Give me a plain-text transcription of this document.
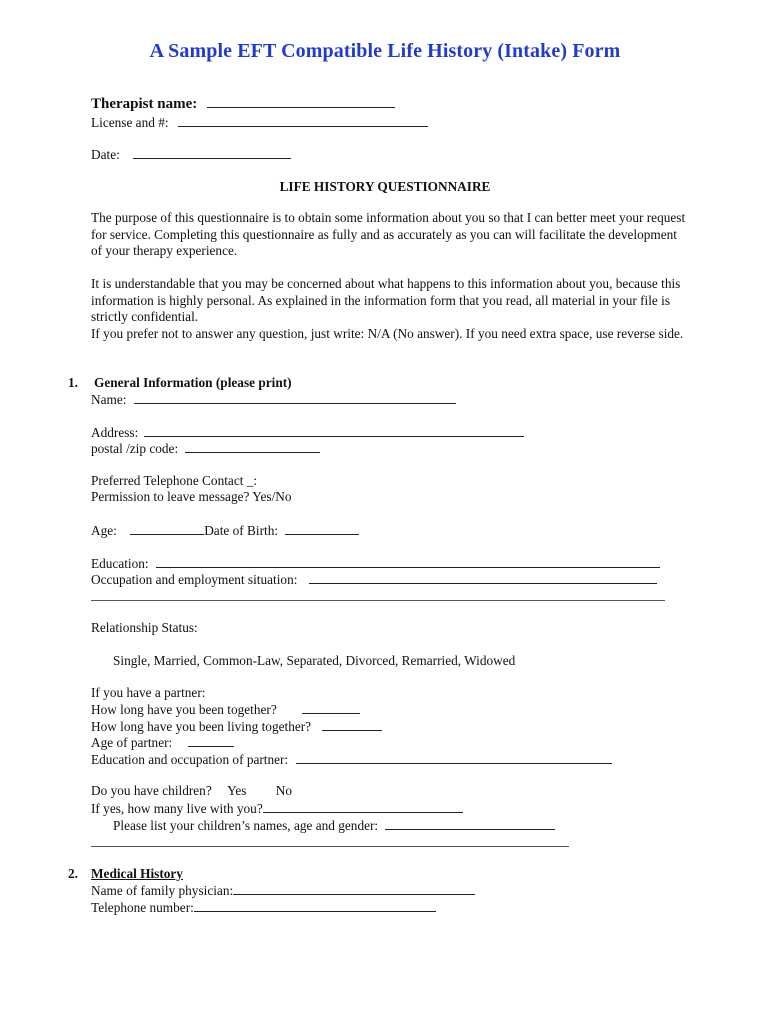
A Sample EFT Compatible Life History (Intake) Form
Therapist name:
License and #:
Date:
LIFE HISTORY QUESTIONNAIRE
The purpose of this questionnaire is to obtain some information about you so that I can better meet your request for service. Completing this questionnaire as fully and as accurately as you can will facilitate the development of your therapy experience.
It is understandable that you may be concerned about what happens to this information about you, because this information is highly personal. As explained in the information form that you read, all material in your file is strictly confidential.
If you prefer not to answer any question, just write: N/A (No answer). If you need extra space, use reverse side.
1. General Information (please print)
Name:
Address:
postal /zip code:
Preferred Telephone Contact _:
Permission to leave message? Yes/No
Age:	Date of Birth:
Education:
Occupation and employment situation:
Relationship Status:
Single, Married, Common-Law, Separated, Divorced, Remarried, Widowed
If you have a partner:
How long have you been together?
How long have you been living together?
Age of partner:
Education and occupation of partner:
Do you have children? Yes No
If yes, how many live with you?
Please list your children’s names, age and gender:
2. Medical History
Name of family physician:
Telephone number:
